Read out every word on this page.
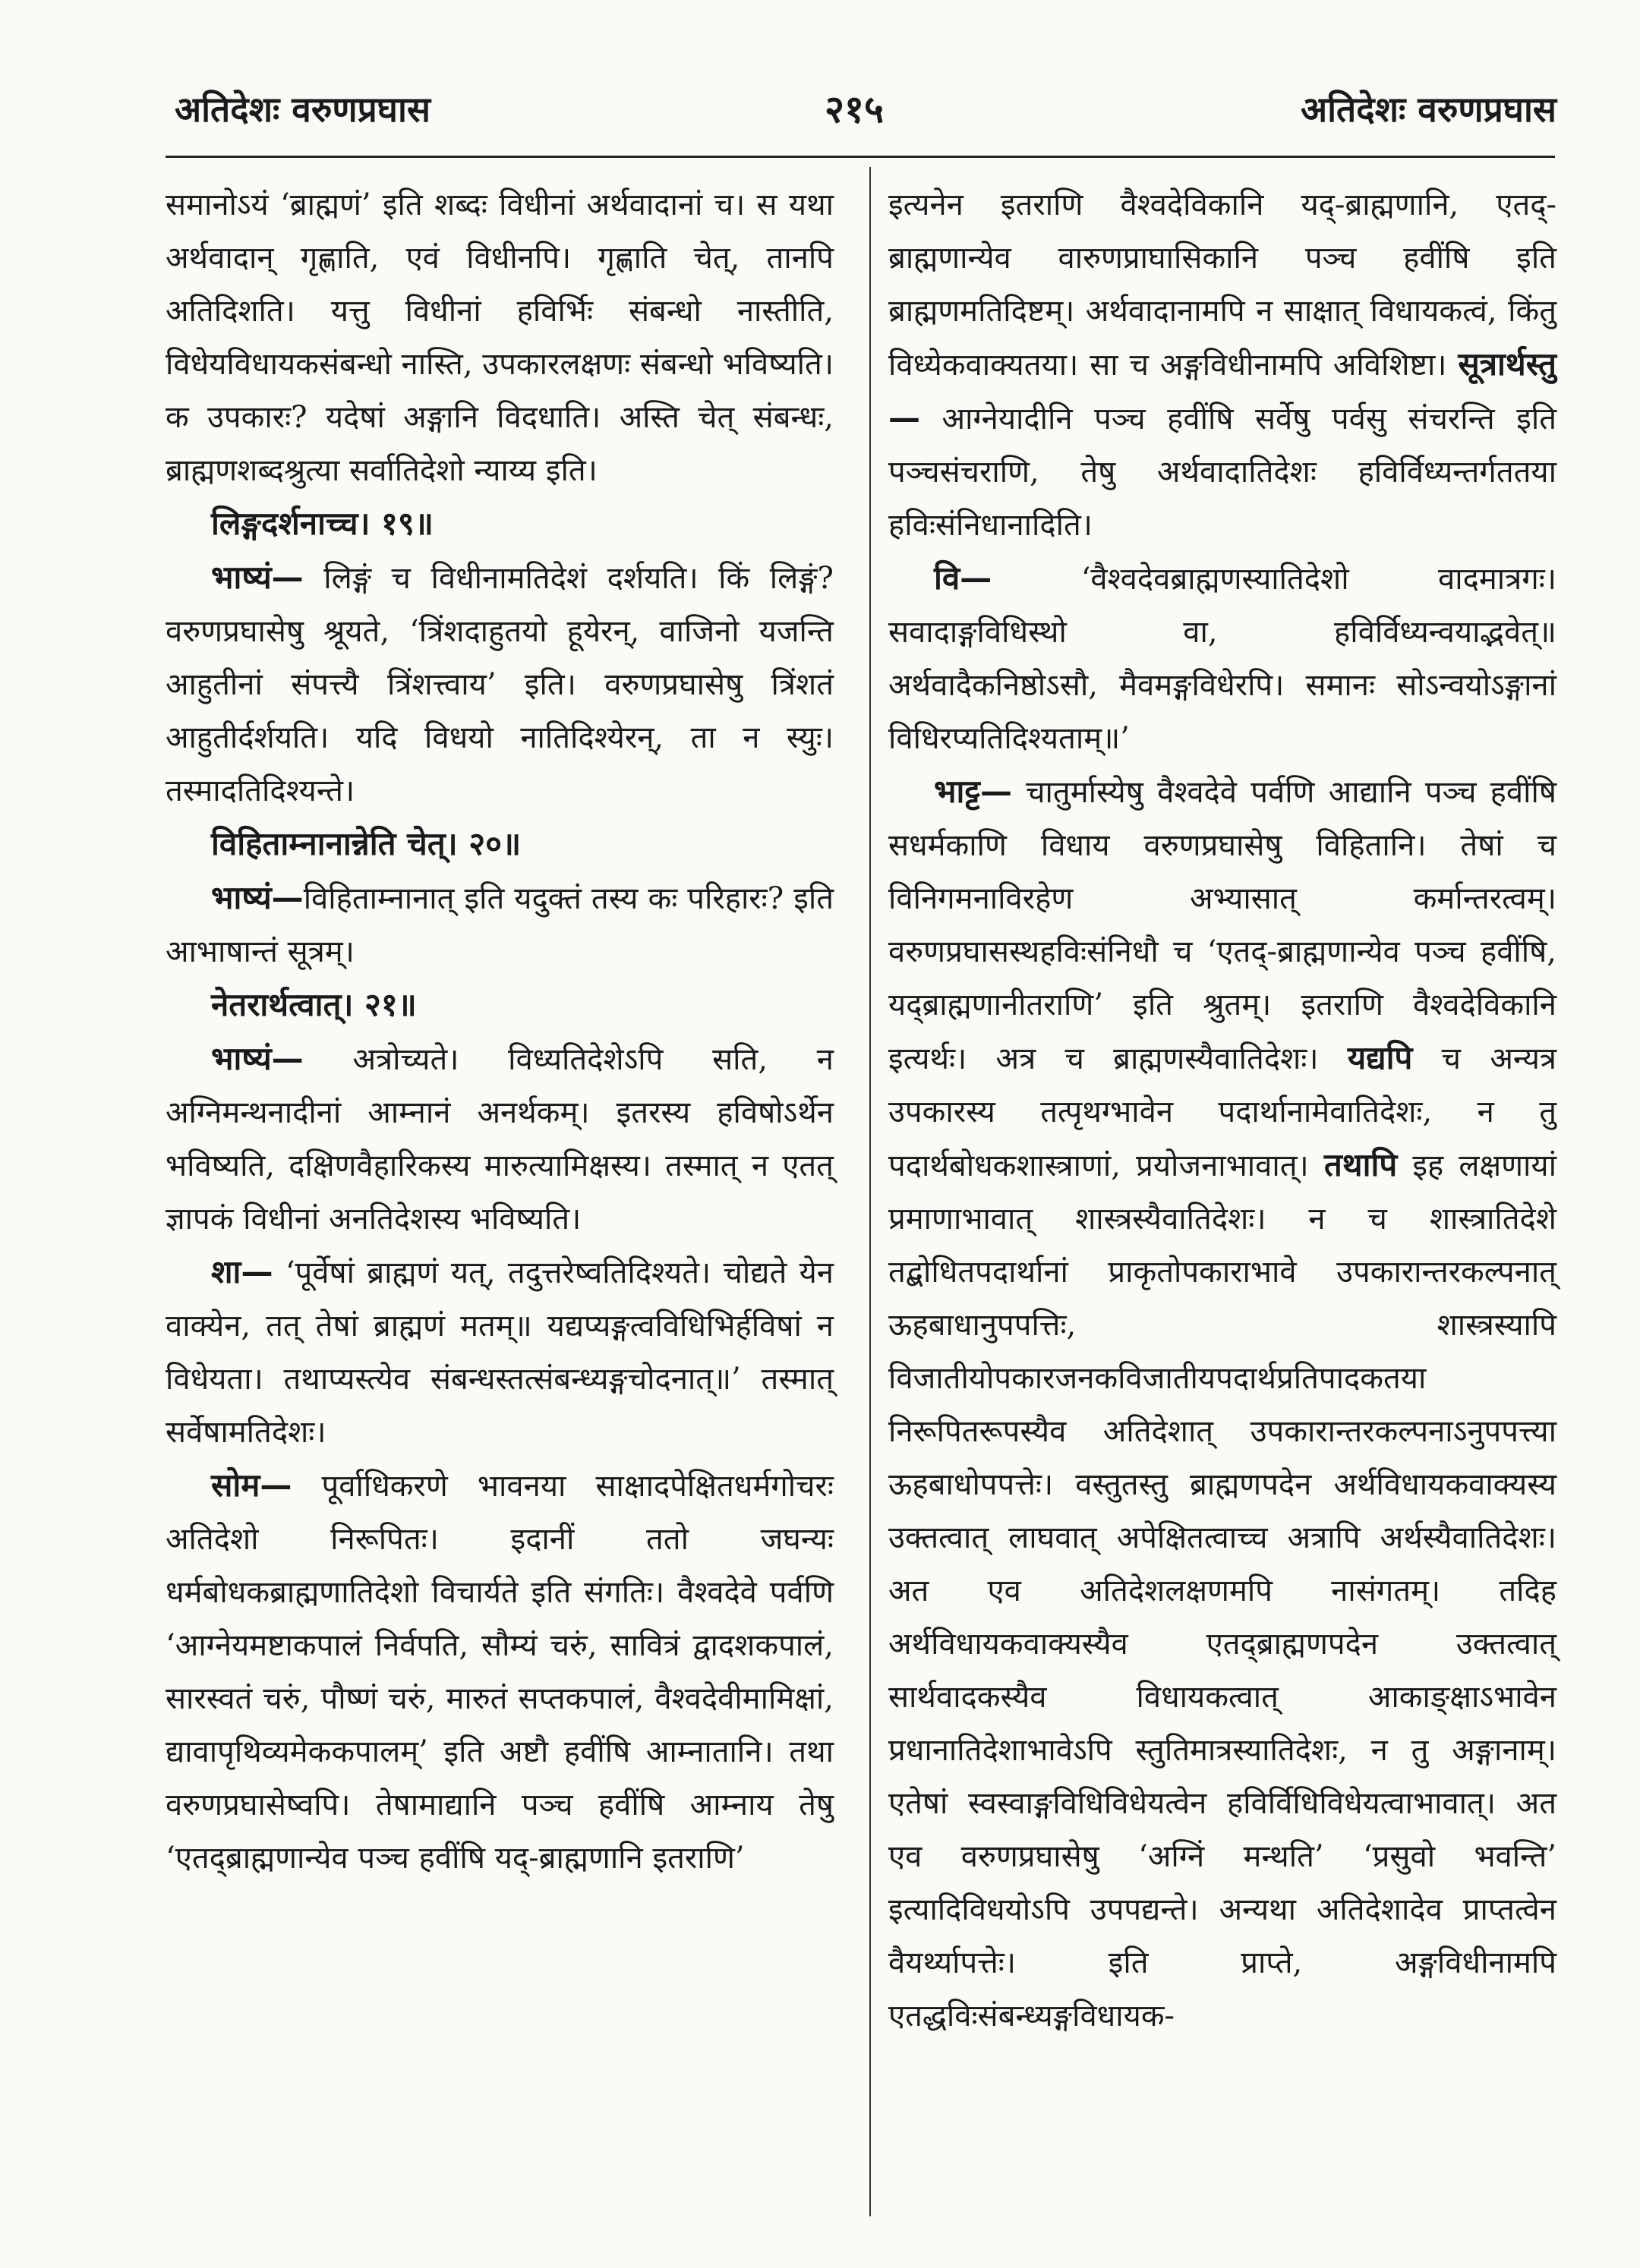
अतिदेशः वरुणप्रघास	२१५	अतिदेशः वरुणप्रघास

समानोऽयं ‘ब्राह्मणं’ इति शब्दः विधीनां अर्थवादानां च। स यथा अर्थवादान् गृह्णाति, एवं विधीनपि। गृह्णाति चेत्, तानपि अतिदिशति। यत्तु विधीनां हविर्भिः संबन्धो नास्तीति, विधेयविधायकसंबन्धो नास्ति, उपकारलक्षणः संबन्धो भविष्यति। क उपकारः? यदेषां अङ्गानि विदधाति। अस्ति चेत् संबन्धः, ब्राह्मणशब्दश्रुत्या सर्वातिदेशो न्याय्य इति।

लिङ्गदर्शनाच्च। १९॥

भाष्यं— लिङ्गं च विधीनामतिदेशं दर्शयति। किं लिङ्गं? वरुणप्रघासेषु श्रूयते, ‘त्रिंशदाहुतयो हूयेरन्, वाजिनो यजन्ति आहुतीनां संपत्त्यै त्रिंशत्त्वाय’ इति। वरुणप्रघासेषु त्रिंशतं आहुतीर्दर्शयति। यदि विधयो नातिदिश्येरन्, ता न स्युः। तस्मादतिदिश्यन्ते।

विहिताम्नानान्नेति चेत्। २०॥

भाष्यं—विहिताम्नानात् इति यदुक्तं तस्य कः परिहारः? इति आभाषान्तं सूत्रम्।

नेतरार्थत्वात्। २१॥

भाष्यं— अत्रोच्यते। विध्यतिदेशेऽपि सति, न अग्निमन्थनादीनां आम्नानं अनर्थकम्। इतरस्य हविषोऽर्थेन भविष्यति, दक्षिणवैहारिकस्य मारुत्यामिक्षस्य। तस्मात् न एतत् ज्ञापकं विधीनां अनतिदेशस्य भविष्यति।

शा— ‘पूर्वेषां ब्राह्मणं यत्, तदुत्तरेष्वतिदिश्यते। चोद्यते येन वाक्येन, तत् तेषां ब्राह्मणं मतम्॥ यद्यप्यङ्गत्वविधिभिर्हविषां न विधेयता। तथाप्यस्त्येव संबन्धस्तत्संबन्ध्यङ्गचोदनात्॥’ तस्मात् सर्वेषामतिदेशः।

सोम— पूर्वाधिकरणे भावनया साक्षादपेक्षितधर्मगोचरः अतिदेशो निरूपितः। इदानीं ततो जघन्यः धर्मबोधकब्राह्मणातिदेशो विचार्यते इति संगतिः। वैश्वदेवे पर्वणि ‘आग्नेयमष्टाकपालं निर्वपति, सौम्यं चरुं, सावित्रं द्वादशकपालं, सारस्वतं चरुं, पौष्णं चरुं, मारुतं सप्तकपालं, वैश्वदेवीमामिक्षां, द्यावापृथिव्यमेककपालम्’ इति अष्टौ हवींषि आम्नातानि। तथा वरुणप्रघासेष्वपि। तेषामाद्यानि पञ्च हवींषि आम्नाय तेषु ‘एतद्ब्राह्मणान्येव पञ्च हवींषि यद्-ब्राह्मणानि इतराणि’

इत्यनेन इतराणि वैश्वदेविकानि यद्-ब्राह्मणानि, एतद्-ब्राह्मणान्येव वारुणप्राघासिकानि पञ्च हवींषि इति ब्राह्मणमतिदिष्टम्। अर्थवादानामपि न साक्षात् विधायकत्वं, किंतु विध्येकवाक्यतया। सा च अङ्गविधीनामपि अविशिष्टा। सूत्रार्थस्तु— आग्नेयादीनि पञ्च हवींषि सर्वेषु पर्वसु संचरन्ति इति पञ्चसंचराणि, तेषु अर्थवादातिदेशः हविर्विध्यन्तर्गततया हविःसंनिधानादिति।

वि—	‘वैश्वदेवब्राह्मणस्यातिदेशो वादमात्रगः। सवादाङ्गविधिस्थो वा, हविर्विध्यन्वयाद्भवेत्॥ अर्थवादैकनिष्ठोऽसौ, मैवमङ्गविधेरपि। समानः सोऽन्वयोऽङ्गानां विधिरप्यतिदिश्यताम्॥’

भाट्ट— चातुर्मास्येषु वैश्वदेवे पर्वणि आद्यानि पञ्च हवींषि सधर्मकाणि विधाय वरुणप्रघासेषु विहितानि। तेषां च विनिगमनाविरहेण अभ्यासात् कर्मान्तरत्वम्। वरुणप्रघासस्थहविःसंनिधौ च ‘एतद्-ब्राह्मणान्येव पञ्च हवींषि, यद्ब्राह्मणानीतराणि’ इति श्रुतम्। इतराणि वैश्वदेविकानि इत्यर्थः। अत्र च ब्राह्मणस्यैवातिदेशः। यद्यपि च अन्यत्र उपकारस्य तत्पृथग्भावेन पदार्थानामेवातिदेशः, न तु पदार्थबोधकशास्त्राणां, प्रयोजनाभावात्। तथापि इह लक्षणायां प्रमाणाभावात् शास्त्रस्यैवातिदेशः। न च शास्त्रातिदेशे तद्बोधितपदार्थानां प्राकृतोपकाराभावे उपकारान्तरकल्पनात् ऊहबाधानुपपत्तिः, शास्त्रस्यापि विजातीयोपकारजनकविजातीयपदार्थप्रतिपादकतया निरूपितरूपस्यैव अतिदेशात् उपकारान्तरकल्पनाऽनुपपत्त्या ऊहबाधोपपत्तेः। वस्तुतस्तु ब्राह्मणपदेन अर्थविधायकवाक्यस्य उक्तत्वात् लाघवात् अपेक्षितत्वाच्च अत्रापि अर्थस्यैवातिदेशः। अत एव अतिदेशलक्षणमपि नासंगतम्। तदिह अर्थविधायकवाक्यस्यैव एतद्ब्राह्मणपदेन उक्तत्वात् सार्थवादकस्यैव विधायकत्वात् आकाङ्क्षाऽभावेन प्रधानातिदेशाभावेऽपि स्तुतिमात्रस्यातिदेशः, न तु अङ्गानाम्। एतेषां स्वस्वाङ्गविधिविधेयत्वेन हविर्विधिविधेयत्वाभावात्। अत एव वरुणप्रघासेषु ‘अग्निं मन्थति’ ‘प्रसुवो भवन्ति’ इत्यादिविधयोऽपि उपपद्यन्ते। अन्यथा अतिदेशादेव प्राप्तत्वेन वैयर्थ्यापत्तेः। इति प्राप्ते, अङ्गविधीनामपि एतद्धविःसंबन्ध्यङ्गविधायक-
